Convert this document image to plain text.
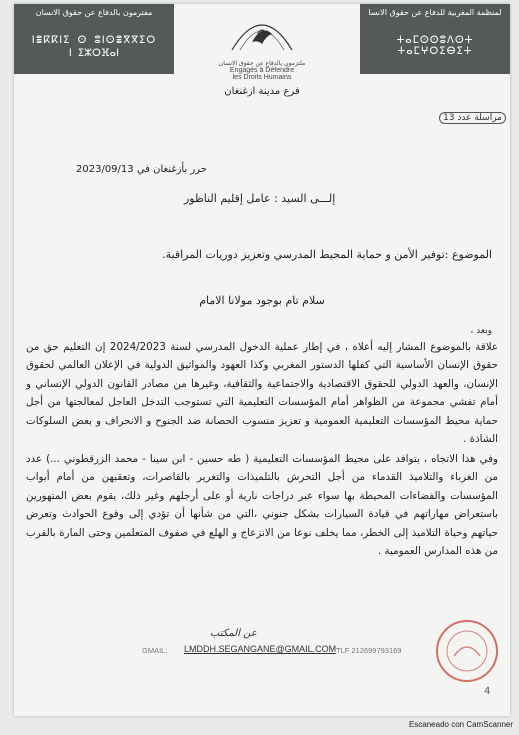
مفترمون بالدفاع عن حقوق الانسان
ⵏⴻⴽⴽⵏⵉ ⵙ ⵓⵏⵙⴻⴳⴳⵉⵔ
ⵏ ⵉⵣⵔⴼⴰⵏ
ملتزمون بالدفاع عن حقوق الانسان
Engagés à Défendre
les Droits Humains
فرع مدينة ازغنغان
لمنظمة المغربية للدفاع عن حقوق الانسا
ⵜⴰⵎⵙⵙⵓⴷⵙⵜ ⵜⴰⵎⵖⵔⵉⴱⵉⵜ
مراسلة عدد 13
حرر بأزغنغان في 2023/09/13
إلـــى السيد : عامل إقليم الناظور
الموضوع :توفير الأمن و حماية المحيط المدرسي وتعزيز دوريات المراقبة.
سلام تام بوجود مولانا الامام
وبعد ،
علاقة بالموضوع المشار إليه أعلاه ، في إطار عملية الدخول المدرسي لسنة 2024/2023 إن التعليم حق من حقوق الإنسان الأساسية التي كفلها الدستور المغربي وكذا العهود والمواثيق الدولية في الإعلان العالمي لحقوق الإنسان، والعهد الدولي للحقوق الاقتصادية والاجتماعية والثقافية، وغيرها من مصادر القانون الدولي الإنساني و أمام تفشي مجموعة من الظواهر أمام المؤسسات التعليمية التي تستوجب التدخل العاجل لمعالجتها من أجل حماية محيط المؤسسات التعليمية العمومية و تعزيز منسوب الحصانة ضد الجنوح و الانحراف و بعض السلوكات الشاذة .
وفي هذا الاتجاه ، يتوافد على محيط المؤسسات التعليمية ( طه حسين - ابن سينا - محمد الزرقطوني ...) عدد من الغرباء والتلاميذ القدماء من أجل التحرش بالتلميذات والتغرير بالقاصرات، وتعقبهن من أمام أبواب المؤسسات والفضاءات المحيطة بها سواء عبر دراجات نارية أو على أرجلهم وغير ذلك، يقوم بعض المتهورين باستعراض مهاراتهم في قيادة السيارات بشكل جنوني ،التي من شأنها أن تؤدي إلى وقوع الحوادث وتعرض حياتهم وحياة التلاميذ إلى الخطر، مما يخلف نوعا من الانزعاج و الهلع في صفوف المتعلمين وحتى المارة بالقرب من هذه المدارس العمومية .
عن المكتب
GMAIL: LMDDH.SEGANGANE@GMAIL.COM TLF 212699793169
4
Escaneado con CamScanner
